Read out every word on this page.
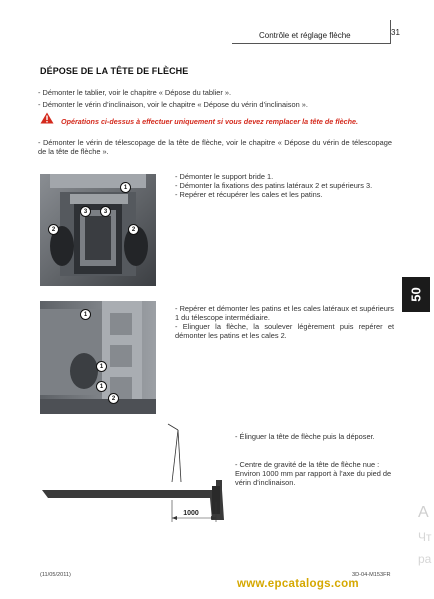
Contrôle et réglage flèche	31
DÉPOSE DE LA TÊTE DE FLÈCHE
- Démonter le tablier, voir le chapitre « Dépose du tablier ».
- Démonter le vérin d’inclinaison, voir le chapitre « Dépose du vérin d’inclinaison ».
Opérations ci-dessus à effectuer uniquement si vous devez remplacer la tête de flèche.
- Démonter le vérin de télescopage de la tête de flèche, voir le chapitre « Dépose du vérin de télescopage de la tête de flèche ».
1
2	2
3	3
- Démonter le support bride 1.
- Démonter la fixations des patins latéraux 2 et supérieurs 3.
- Repérer et récupérer les cales et les patins.
1
1
1
2
- Repérer et démonter les patins et les cales latéraux et supérieurs 1 du télescope intermédiaire.
- Elinguer la flèche, la soulever légèrement puis repérer et démonter les patins et les cales 2.
1000
- Élinguer la tête de flèche puis la déposer.
- Centre de gravité de la tête de flèche nue : Environ 1000 mm par rapport à l’axe du pied de vérin d’inclinaison.
50
(11/05/2011)	3D-04-M153FR
www.epcatalogs.com
A
Чт
ра
